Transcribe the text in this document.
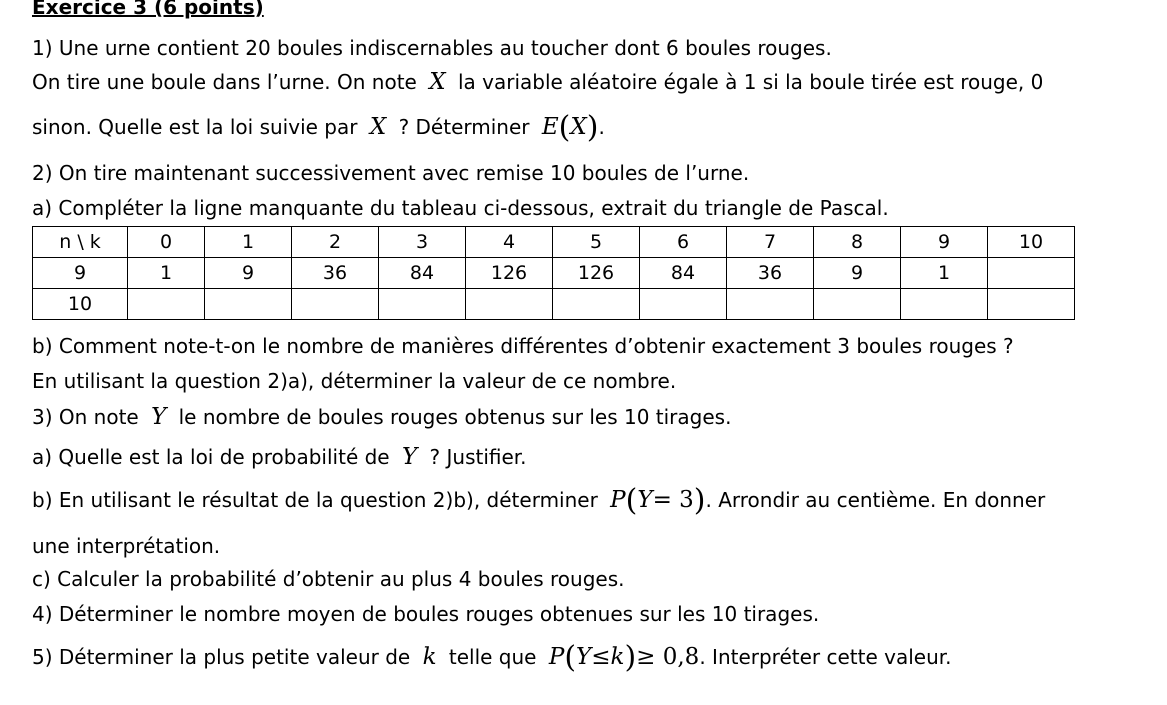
Exercice 3 (6 points)
1) Une urne contient 20 boules indiscernables au toucher dont 6 boules rouges.
On tire une boule dans l’urne. On note X la variable aléatoire égale à 1 si la boule tirée est rouge, 0
sinon. Quelle est la loi suivie par X ? Déterminer E(X).
2) On tire maintenant successivement avec remise 10 boules de l’urne.
a) Compléter la ligne manquante du tableau ci-dessous, extrait du triangle de Pascal.
n \ k	0	1	2	3	4	5	6	7	8	9	10
9	1	9	36	84	126	126	84	36	9	1	
10											
b) Comment note-t-on le nombre de manières différentes d’obtenir exactement 3 boules rouges ?
En utilisant la question 2)a), déterminer la valeur de ce nombre.
3) On note Y le nombre de boules rouges obtenus sur les 10 tirages.
a) Quelle est la loi de probabilité de Y ? Justifier.
b) En utilisant le résultat de la question 2)b), déterminer P(Y= 3). Arrondir au centième. En donner
une interprétation.
c) Calculer la probabilité d’obtenir au plus 4 boules rouges.
4) Déterminer le nombre moyen de boules rouges obtenues sur les 10 tirages.
5) Déterminer la plus petite valeur de k telle que P(Y≤k)≥ 0,8. Interpréter cette valeur.
